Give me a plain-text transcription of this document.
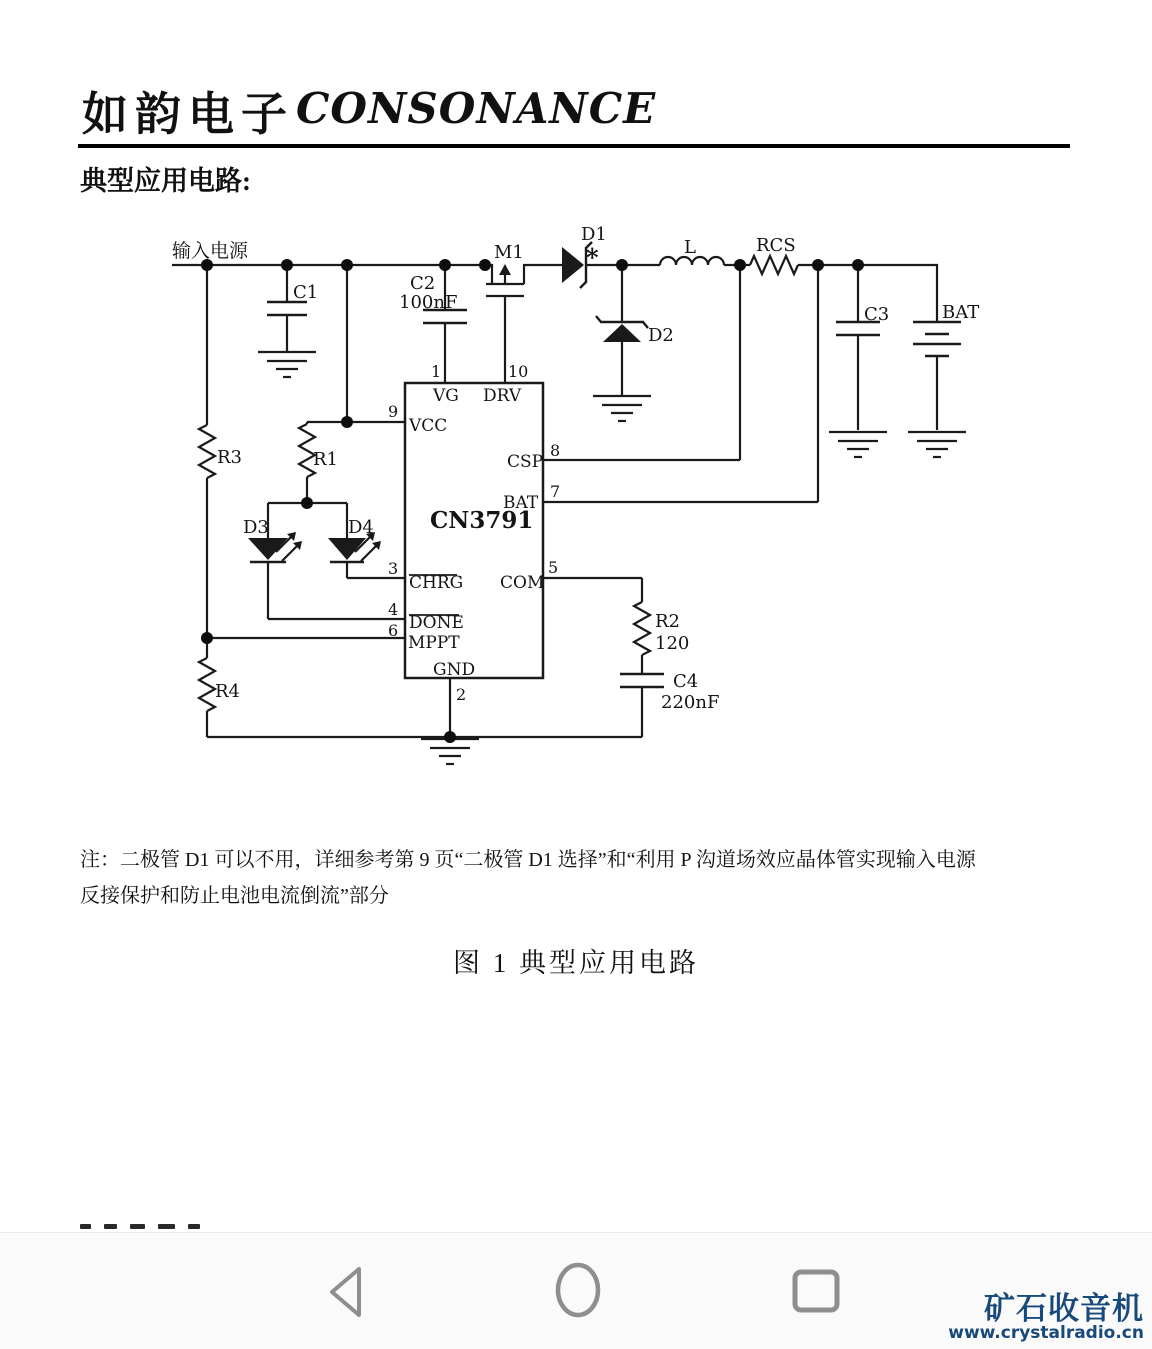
如韵电子 CONSONANCE
典型应用电路:
输入电源
C1	C2
100nF
M1
D1
*
D2
L	RCS
C3	BAT
R3	R1
D3	D4
R4
R2
120
C4
220nF
CN3791
1	10
9
8
7
3
4
6
5
2
VG DRV
VCC
CSP
BAT
CHRG COM
DONE
MPPT
GND
注：二极管 D1 可以不用，详细参考第 9 页“二极管 D1 选择”和“利用 P 沟道场效应晶体管实现输入电源
反接保护和防止电池电流倒流”部分
图 1 典型应用电路
矿石收音机
www.crystalradio.cn
